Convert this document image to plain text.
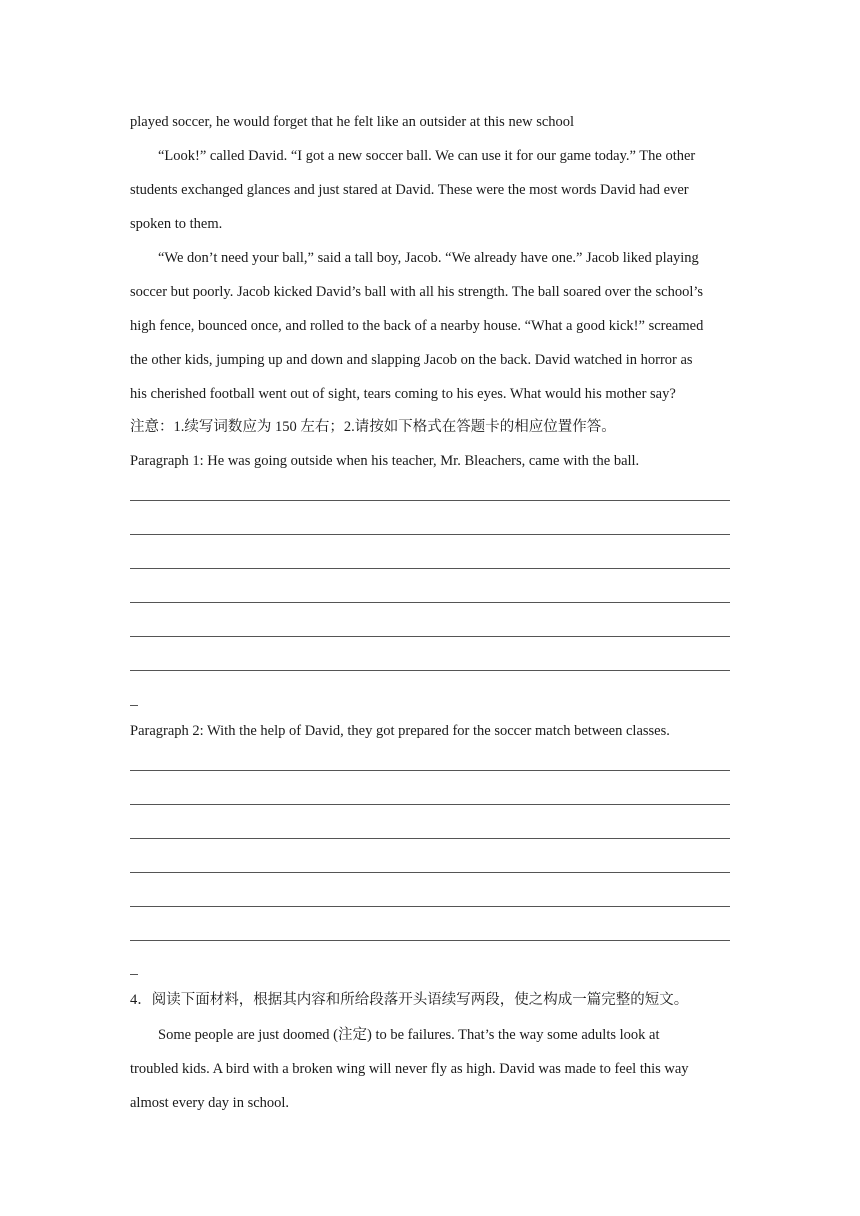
played soccer, he would forget that he felt like an outsider at this new school
“Look!” called David. “I got a new soccer ball. We can use it for our game today.” The other
students exchanged glances and just stared at David. These were the most words David had ever
spoken to them.
“We don’t need your ball,” said a tall boy, Jacob. “We already have one.” Jacob liked playing
soccer but poorly. Jacob kicked David’s ball with all his strength. The ball soared over the school’s
high fence, bounced once, and rolled to the back of a nearby house. “What a good kick!” screamed
the other kids, jumping up and down and slapping Jacob on the back. David watched in horror as
his cherished football went out of sight, tears coming to his eyes. What would his mother say?
注意：1.续写词数应为 150 左右；2.请按如下格式在答题卡的相应位置作答。
Paragraph 1: He was going outside when his teacher, Mr. Bleachers, came with the ball.
Paragraph 2: With the help of David, they got prepared for the soccer match between classes.
4．阅读下面材料，根据其内容和所给段落开头语续写两段，使之构成一篇完整的短文。
Some people are just doomed (注定) to be failures. That’s the way some adults look at
troubled kids. A bird with a broken wing will never fly as high. David was made to feel this way
almost every day in school.
